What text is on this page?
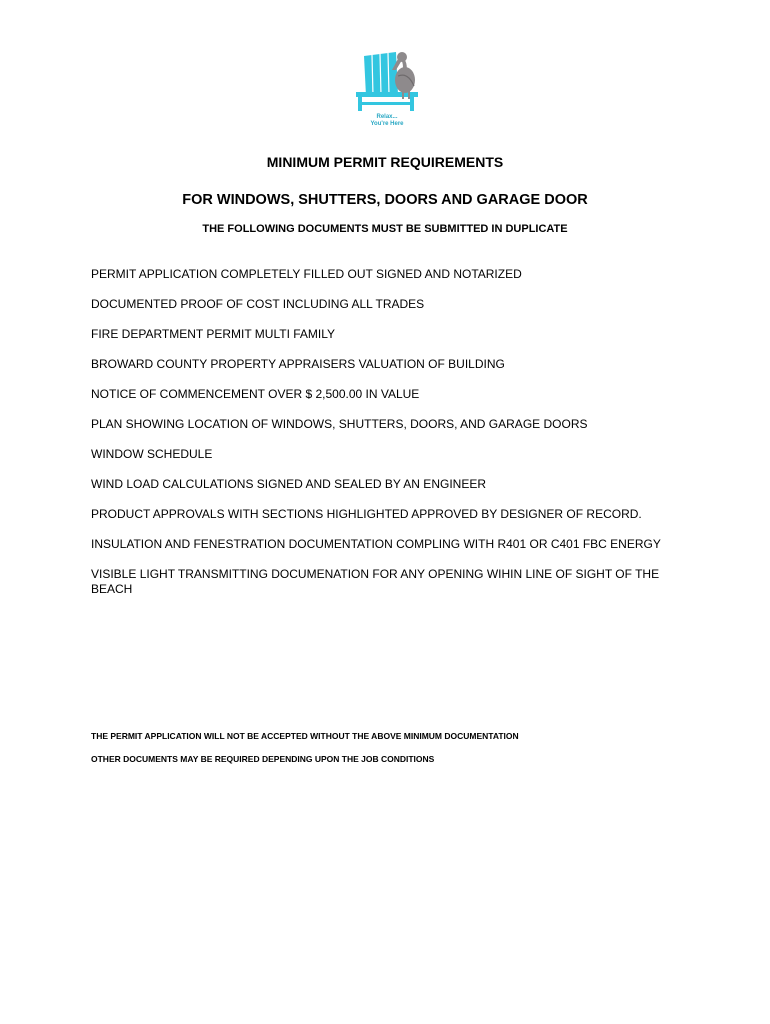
Relax...
You're Here
MINIMUM PERMIT REQUIREMENTS
FOR WINDOWS, SHUTTERS, DOORS AND GARAGE DOOR
THE FOLLOWING DOCUMENTS MUST BE SUBMITTED IN DUPLICATE
PERMIT APPLICATION COMPLETELY FILLED OUT SIGNED AND NOTARIZED
DOCUMENTED PROOF OF COST INCLUDING ALL TRADES
FIRE DEPARTMENT PERMIT MULTI FAMILY
BROWARD COUNTY PROPERTY APPRAISERS VALUATION OF BUILDING
NOTICE OF COMMENCEMENT OVER $ 2,500.00 IN VALUE
PLAN SHOWING LOCATION OF WINDOWS, SHUTTERS, DOORS, AND GARAGE DOORS
WINDOW SCHEDULE
WIND LOAD CALCULATIONS SIGNED AND SEALED BY AN ENGINEER
PRODUCT APPROVALS WITH SECTIONS HIGHLIGHTED APPROVED BY DESIGNER OF RECORD.
INSULATION AND FENESTRATION DOCUMENTATION COMPLING WITH R401 OR C401 FBC ENERGY
VISIBLE LIGHT TRANSMITTING DOCUMENATION FOR ANY OPENING WIHIN LINE OF SIGHT OF THE BEACH
THE PERMIT APPLICATION WILL NOT BE ACCEPTED WITHOUT THE ABOVE MINIMUM DOCUMENTATION
OTHER DOCUMENTS MAY BE REQUIRED DEPENDING UPON THE JOB CONDITIONS
